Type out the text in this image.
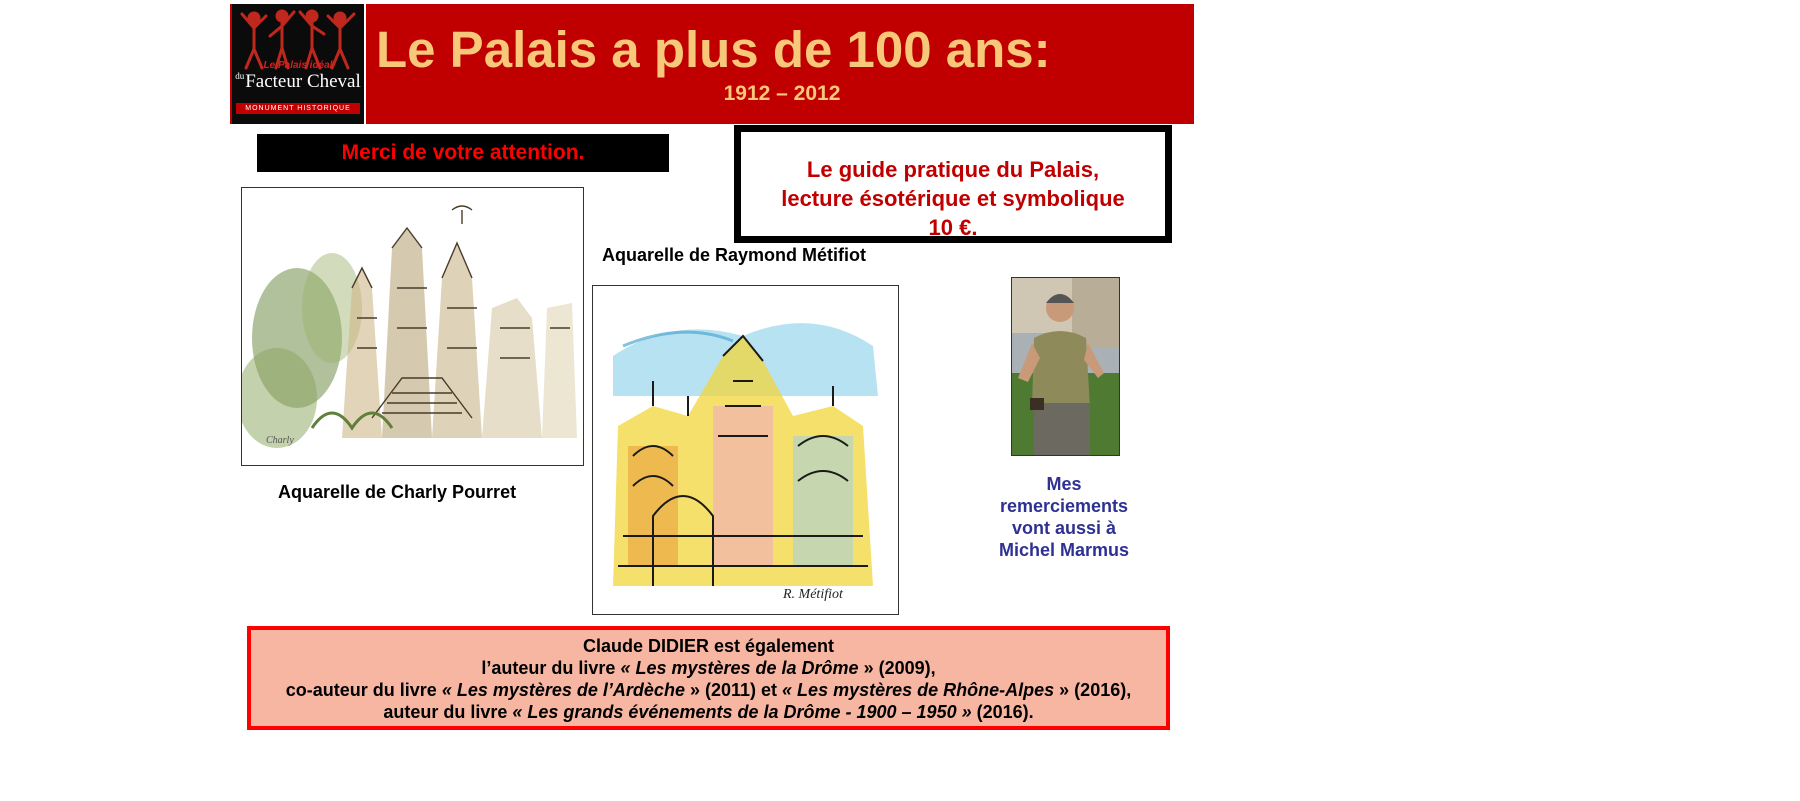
Le Palais idéal
$^{du}$Facteur Cheval
MONUMENT HISTORIQUE
Le Palais a plus de 100 ans:
1912 – 2012
Merci de votre attention.
Le guide pratique du Palais,
lecture ésotérique et symbolique
10 €.
Charly
Aquarelle de Charly Pourret
Aquarelle de Raymond Métifiot
R. Métifiot
Mes
remerciements
vont aussi à
Michel Marmus
Claude DIDIER est également
l’auteur du livre « Les mystères de la Drôme » (2009),
co-auteur du livre « Les mystères de l’Ardèche » (2011) et « Les mystères de Rhône-Alpes » (2016),
auteur du livre « Les grands événements de la Drôme - 1900 – 1950 » (2016).
